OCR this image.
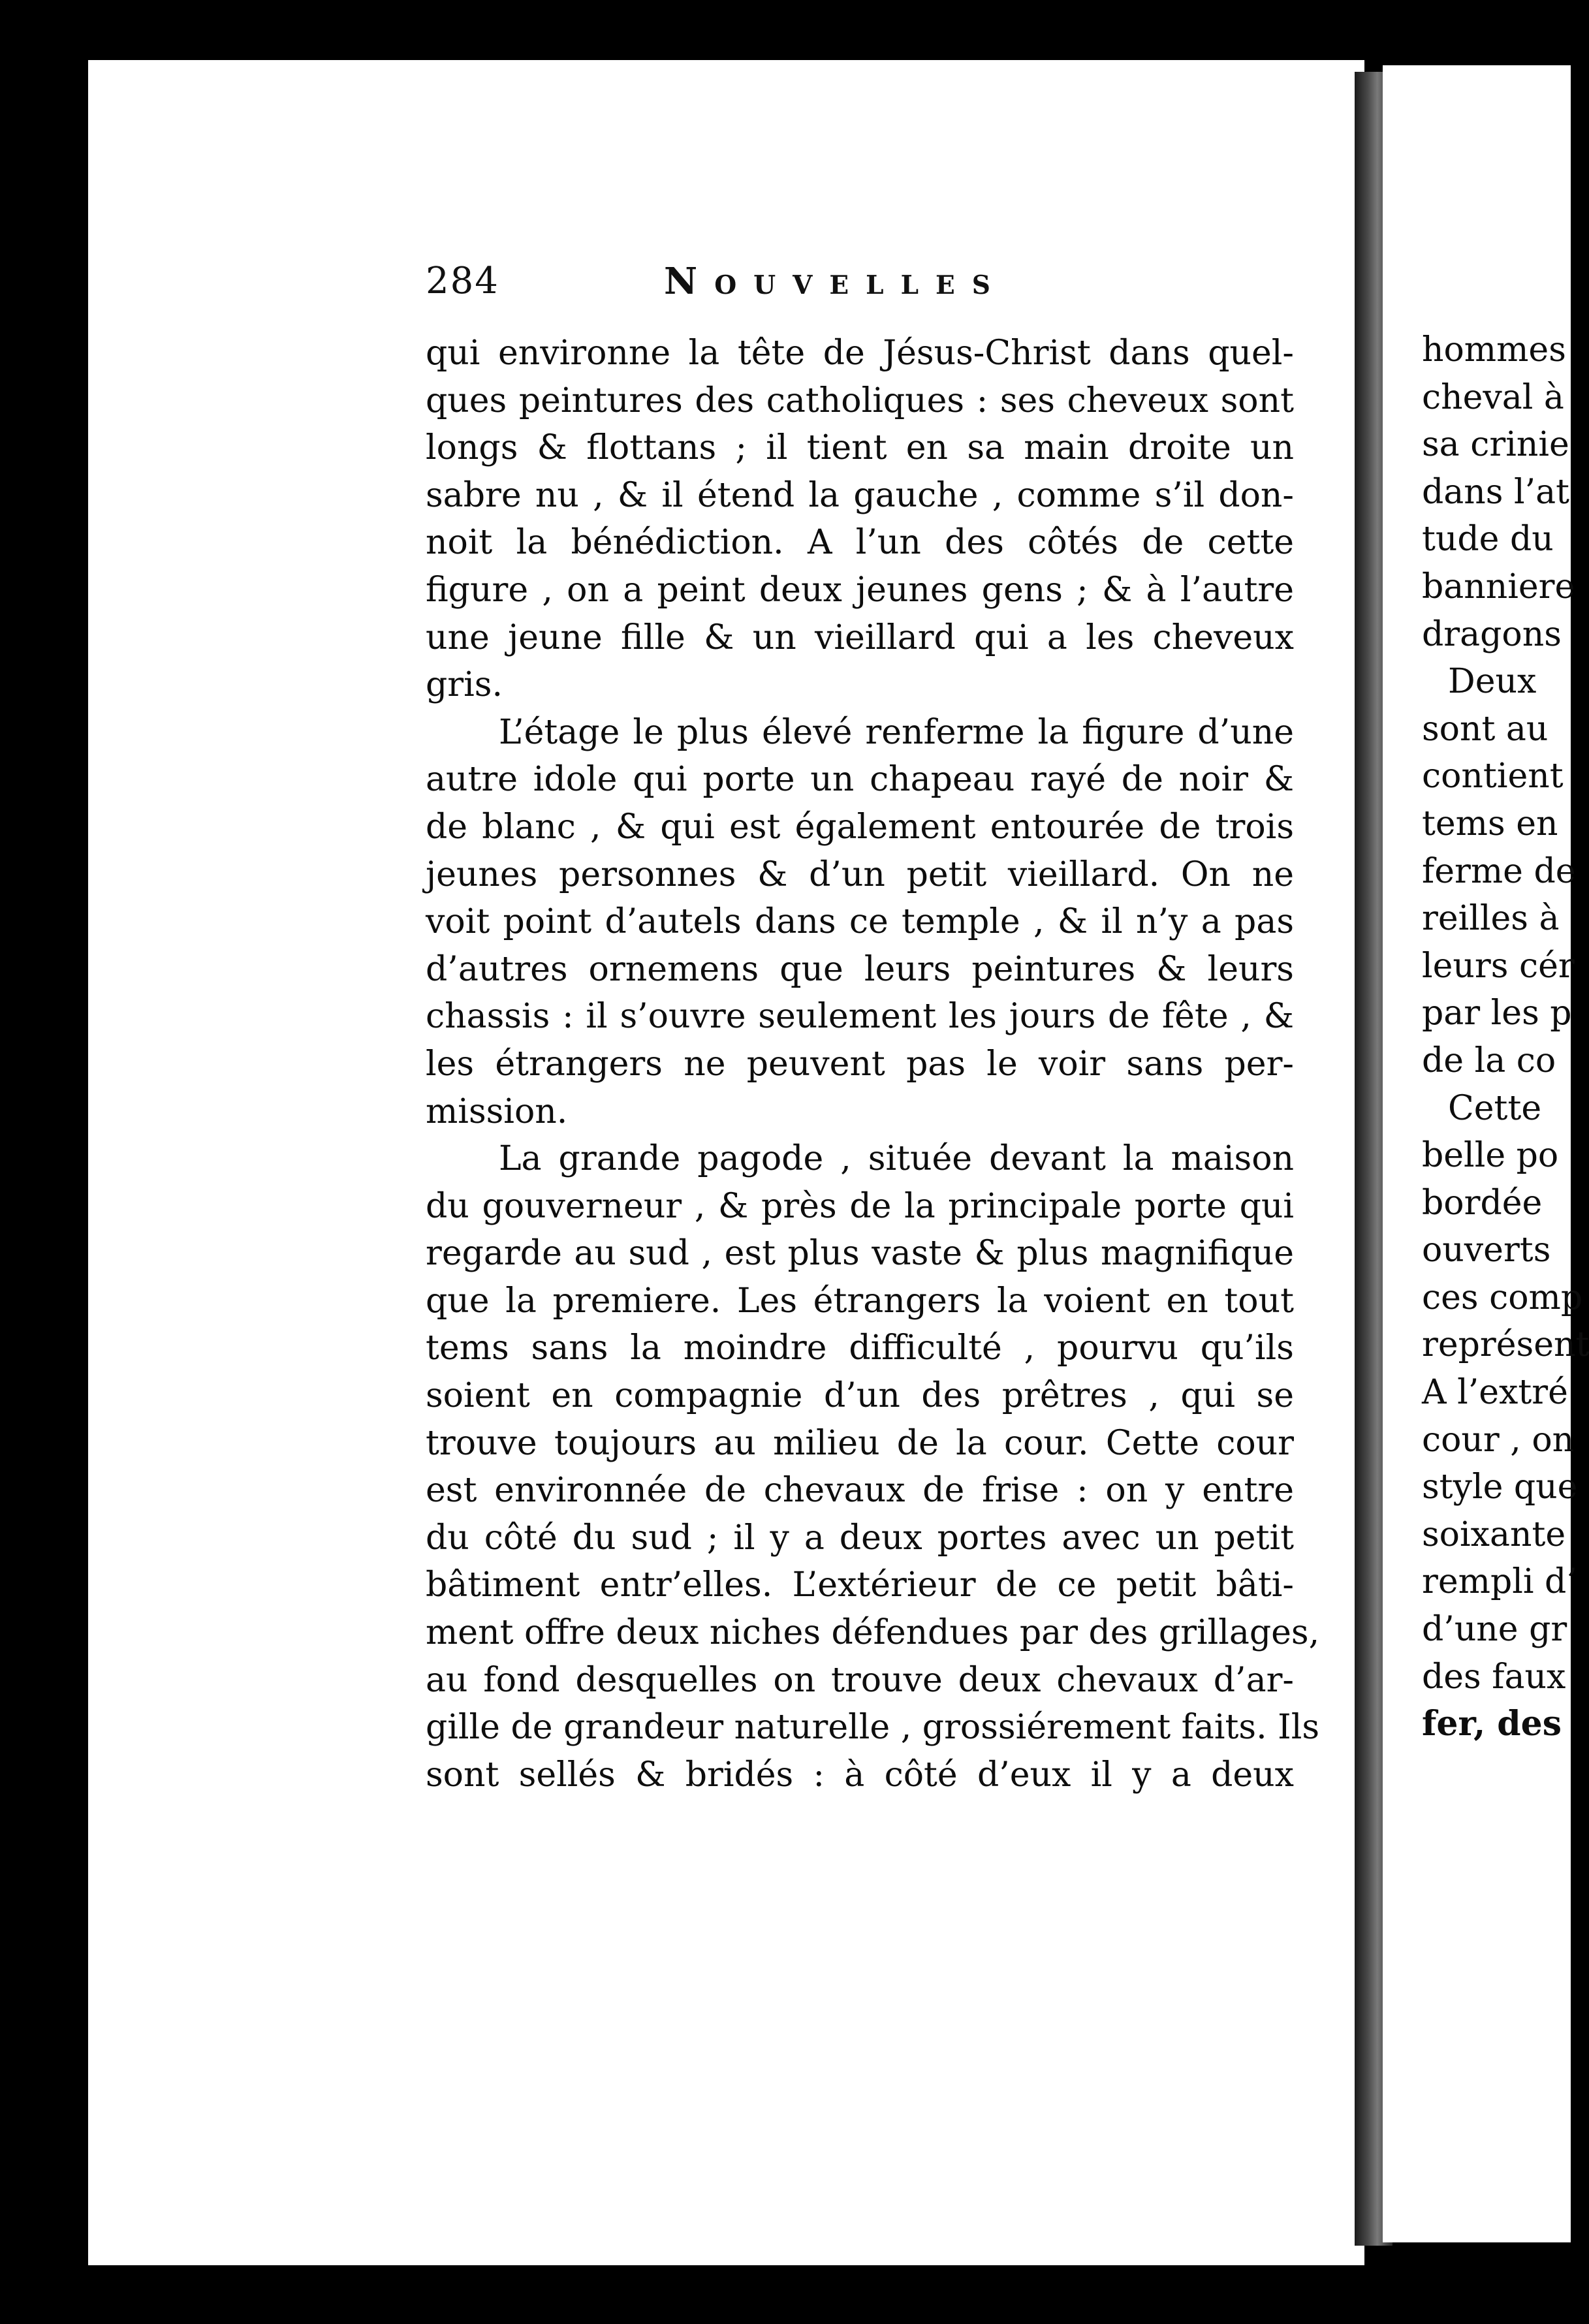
hommes
cheval à
sa crinie
dans l’at
tude du
banniere
dragons
Deux
sont au
contient
tems en
ferme de
reilles à
leurs cér
par les p
de la co
Cette
belle po
bordée
ouverts
ces comp
représent
A l’extré
cour , on
style que
soixante
rempli d’
d’une gr
des faux
fer, des
284	Nouvelles
qui environne la tête de Jésus-Christ dans quel-
ques peintures des catholiques : ses cheveux sont
longs & flottans ; il tient en sa main droite un
sabre nu , & il étend la gauche , comme s’il don-
noit la bénédiction. A l’un des côtés de cette
figure , on a peint deux jeunes gens ; & à l’autre
une jeune fille & un vieillard qui a les cheveux
gris.
L’étage le plus élevé renferme la figure d’une
autre idole qui porte un chapeau rayé de noir &
de blanc , & qui est également entourée de trois
jeunes personnes & d’un petit vieillard. On ne
voit point d’autels dans ce temple , & il n’y a pas
d’autres ornemens que leurs peintures & leurs
chassis : il s’ouvre seulement les jours de fête , &
les étrangers ne peuvent pas le voir sans per-
mission.
La grande pagode , située devant la maison
du gouverneur , & près de la principale porte qui
regarde au sud , est plus vaste & plus magnifique
que la premiere. Les étrangers la voient en tout
tems sans la moindre difficulté , pourvu qu’ils
soient en compagnie d’un des prêtres , qui se
trouve toujours au milieu de la cour. Cette cour
est environnée de chevaux de frise : on y entre
du côté du sud ; il y a deux portes avec un petit
bâtiment entr’elles. L’extérieur de ce petit bâti-
ment offre deux niches défendues par des grillages,
au fond desquelles on trouve deux chevaux d’ar-
gille de grandeur naturelle , grossiérement faits. Ils
sont sellés & bridés : à côté d’eux il y a deux
